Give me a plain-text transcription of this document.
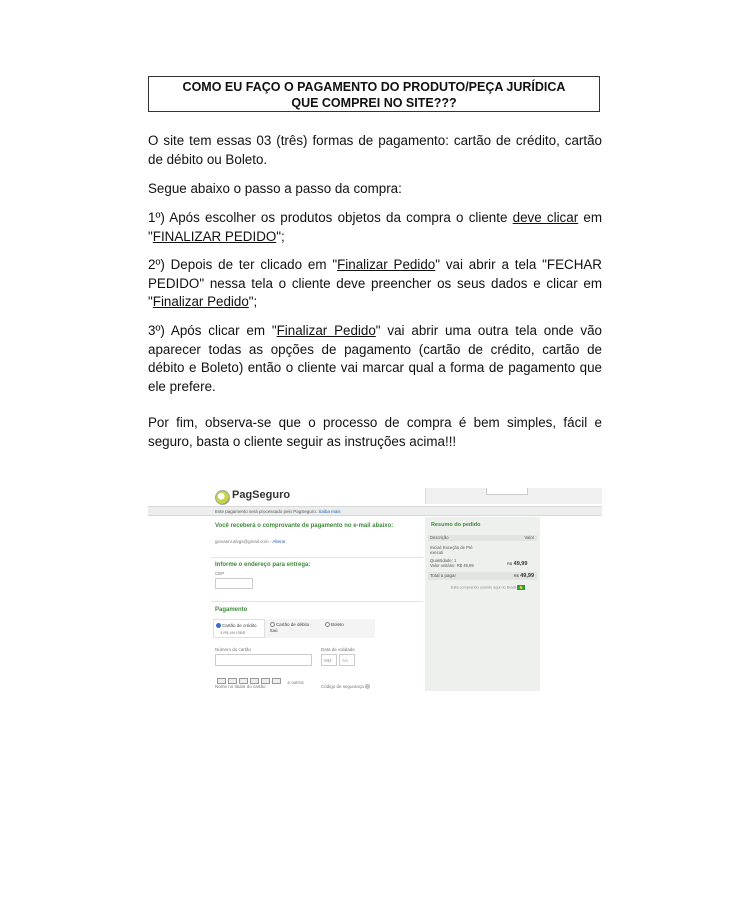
COMO EU FAÇO O PAGAMENTO DO PRODUTO/PEÇA JURÍDICA
QUE COMPREI NO SITE???
O site tem essas 03 (três) formas de pagamento: cartão de crédito, cartão de débito ou Boleto.
Segue abaixo o passo a passo da compra:
1º) Após escolher os produtos objetos da compra o cliente deve clicar em "FINALIZAR PEDIDO";
2º) Depois de ter clicado em "Finalizar Pedido" vai abrir a tela "FECHAR PEDIDO" nessa tela o cliente deve preencher os seus dados e clicar em "Finalizar Pedido";
3º) Após clicar em "Finalizar Pedido" vai abrir uma outra tela onde vão aparecer todas as opções de pagamento (cartão de crédito, cartão de débito e Boleto) então o cliente vai marcar qual a forma de pagamento que ele prefere.
Por fim, observa-se que o processo de compra é bem simples, fácil e seguro, basta o cliente seguir as instruções acima!!!
PagSeguro
Este pagamento será processado pelo PagSeguro. Saiba mais
Você receberá o comprovante de pagamento no e-mail abaixo:
giovanni.alvgs@gmail.com - Alterar
Informe o endereço para entrega:
CEP
Pagamento
Cartão de crédito
3 R$ 49/ ISBS
Cartão de débito Itaú
Boleto
Número do cartão	Data de validade
MM AA
e outros
Nome no titular do cartão	Código de segurança ?
Resumo do pedido
Descrição	Valor
Inicial: Exceção de Pré executi
Quantidade: 1
Valor unitário: R$ 49,99	R$ 49,99
Total a pagar	R$ 49,99
Está comprando usando aqui no Brasil
